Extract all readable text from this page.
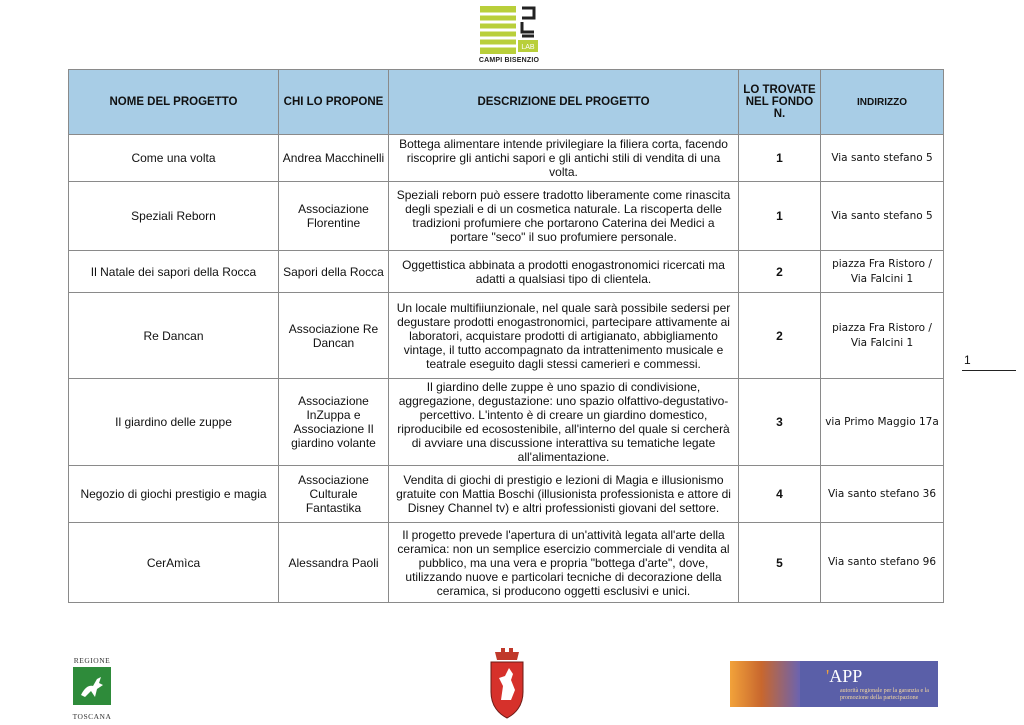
LAB
CAMPI BISENZIO
NOME DEL PROGETTO	CHI LO PROPONE	DESCRIZIONE DEL PROGETTO	LO TROVATE NEL FONDO N.	INDIRIZZO
Come una volta	Andrea Macchinelli	Bottega alimentare intende privilegiare la filiera corta, facendo riscoprire gli antichi sapori e gli antichi stili di vendita di una volta.	1	Via santo stefano 5
Speziali Reborn	Associazione Florentine	Speziali reborn può essere tradotto liberamente come rinascita degli speziali e di un cosmetica naturale. La riscoperta delle tradizioni profumiere che portarono Caterina dei Medici a portare "seco" il suo profumiere personale.	1	Via santo stefano 5
Il Natale dei sapori della Rocca	Sapori della Rocca	Oggettistica abbinata a prodotti enogastronomici ricercati ma adatti a qualsiasi tipo di clientela.	2	piazza Fra Ristoro / Via Falcini 1
Re Dancan	Associazione Re Dancan	Un locale multifiiunzionale, nel quale sarà possibile sedersi per degustare prodotti enogastronomici, partecipare attivamente ai laboratori, acquistare prodotti di artigianato, abbigliamento vintage, il tutto accompagnato da intrattenimento musicale e teatrale eseguito dagli stessi camerieri e commessi.	2	piazza Fra Ristoro / Via Falcini 1
Il giardino delle zuppe	Associazione InZuppa e Associazione Il giardino volante	Il giardino delle zuppe è uno spazio di condivisione, aggregazione, degustazione: uno spazio olfattivo-degustativo-percettivo. L'intento è di creare un giardino domestico, riproducibile ed ecosostenibile, all'interno del quale si cercherà di avviare una discussione interattiva su tematiche legate all'alimentazione.	3	via Primo Maggio 17a
Negozio di giochi prestigio e magia	Associazione Culturale Fantastika	Vendita di giochi di prestigio e lezioni di Magia e illusionismo gratuite con Mattia Boschi (illusionista professionista e attore di Disney Channel tv) e altri professionisti giovani del settore.	4	Via santo stefano 36
CerAmìca	Alessandra Paoli	Il progetto prevede l'apertura di un'attività legata all'arte della ceramica: non un semplice esercizio commerciale di vendita al pubblico, ma una vera e propria "bottega d'arte", dove, utilizzando nuove e particolari tecniche di decorazione della ceramica, si producono oggetti esclusivi e unici.	5	Via santo stefano 96
1
REGIONE
TOSCANA
'APP
autorità regionale per la garanzia e la promozione della partecipazione
